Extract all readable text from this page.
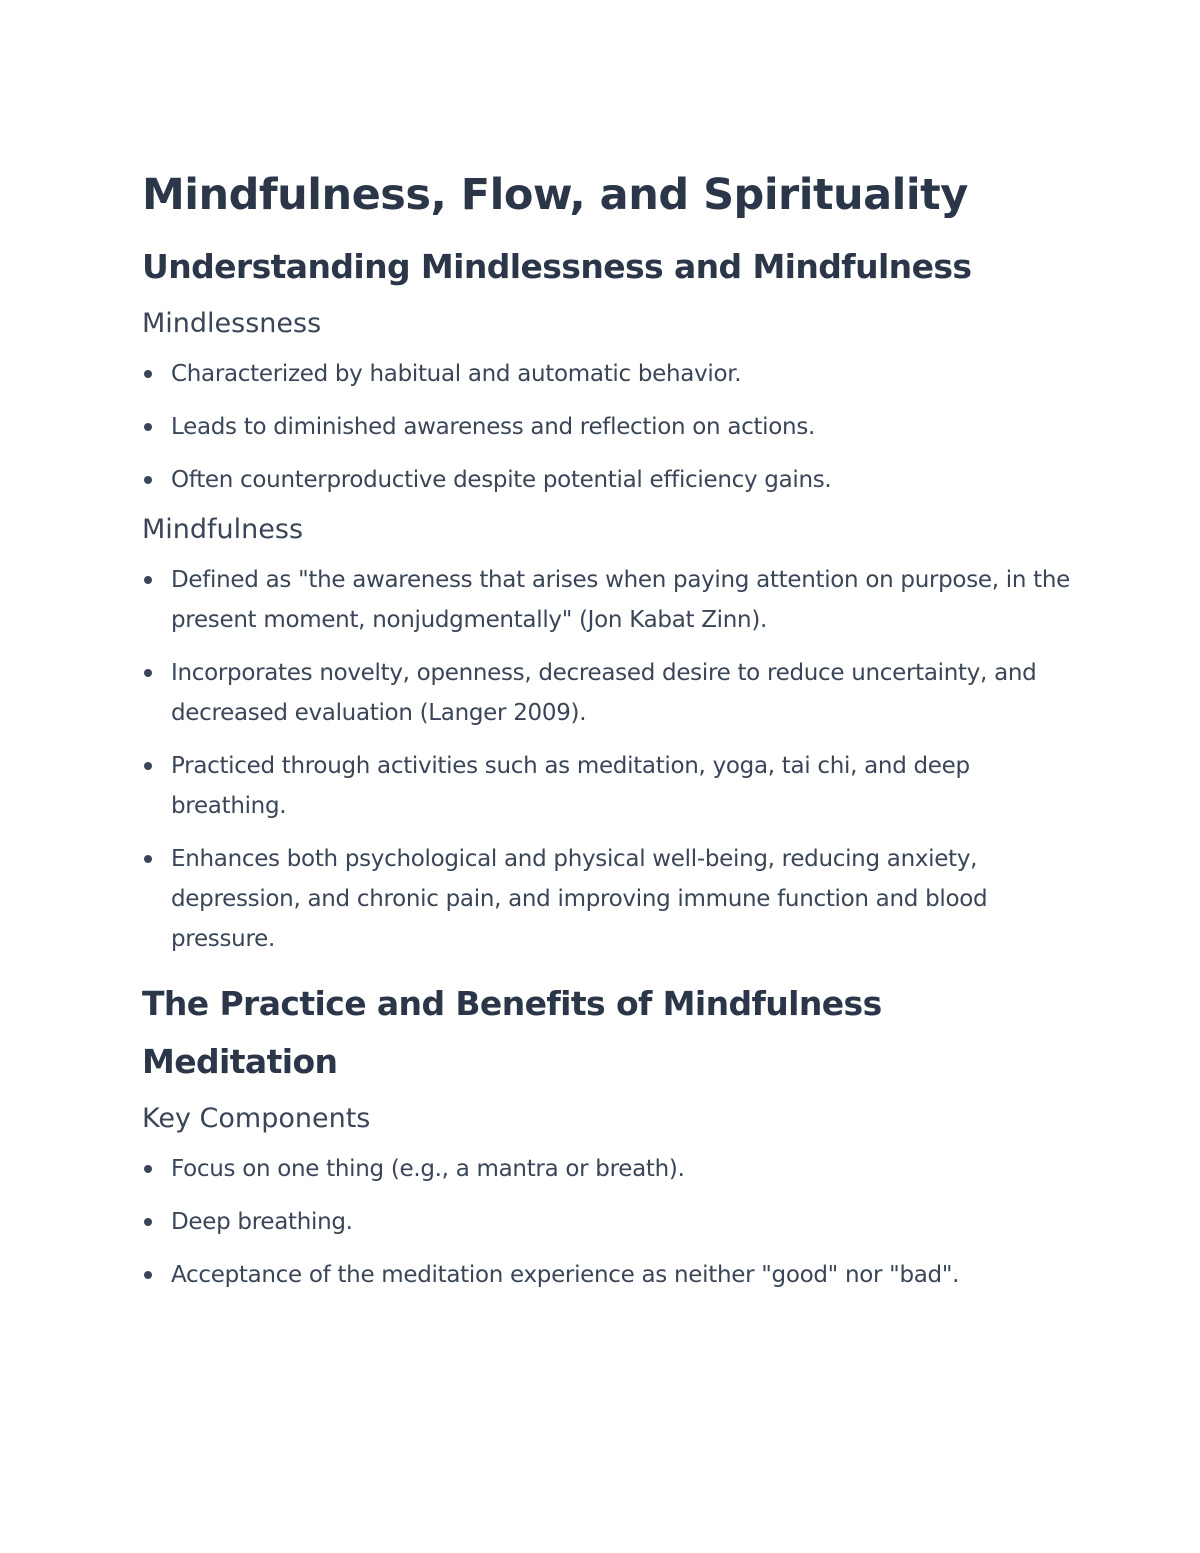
Mindfulness, Flow, and Spirituality
Understanding Mindlessness and Mindfulness
Mindlessness
Characterized by habitual and automatic behavior.
Leads to diminished awareness and reflection on actions.
Often counterproductive despite potential efficiency gains.
Mindfulness
Defined as "the awareness that arises when paying attention on purpose, in the present moment, nonjudgmentally" (Jon Kabat Zinn).
Incorporates novelty, openness, decreased desire to reduce uncertainty, and decreased evaluation (Langer 2009).
Practiced through activities such as meditation, yoga, tai chi, and deep breathing.
Enhances both psychological and physical well-being, reducing anxiety, depression, and chronic pain, and improving immune function and blood pressure.
The Practice and Benefits of Mindfulness Meditation
Key Components
Focus on one thing (e.g., a mantra or breath).
Deep breathing.
Acceptance of the meditation experience as neither "good" nor "bad".
